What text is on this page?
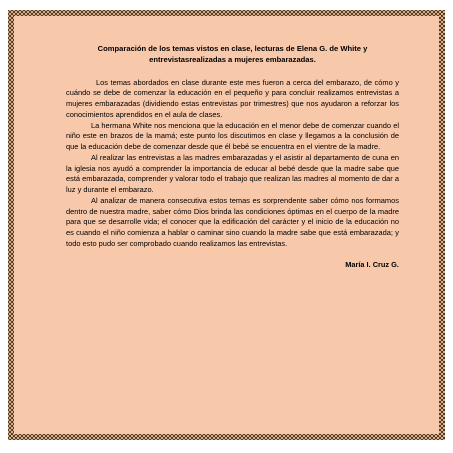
Comparación de los temas vistos en clase, lecturas de Elena G. de White y entrevistasrealizadas a mujeres embarazadas.

Los temas abordados en clase durante este mes fueron a cerca del embarazo, de cómo y cuándo se debe de comenzar la educación en el pequeño y para concluir realizamos entrevistas a mujeres embarazadas (dividiendo estas entrevistas por trimestres) que nos ayudaron a reforzar los conocimientos aprendidos en el aula de clases.

La hermana White nos menciona que la educación en el menor debe de comenzar cuando el niño este en brazos de la mamá; este punto los discutimos en clase y llegamos a la conclusión de que la educación debe de comenzar desde que él bebé se encuentra en el vientre de la madre.

Al realizar las entrevistas a las madres embarazadas y el asistir al departamento de cuna en la iglesia nos ayudó a comprender la importancia de educar al bebé desde que la madre sabe que está embarazada, comprender y valorar todo el trabajo que realizan las madres al momento de dar a luz y durante el embarazo.

Al analizar de manera consecutiva estos temas es sorprendente saber cómo nos formamos dentro de nuestra madre, saber cómo Dios brinda las condiciones óptimas en el cuerpo de la madre para que se desarrolle vida; el conocer que la edificación del carácter y el inicio de la educación no es cuando el niño comienza a hablar o caminar sino cuando la madre sabe que está embarazada; y todo esto pudo ser comprobado cuando realizamos las entrevistas.

María I. Cruz G.
